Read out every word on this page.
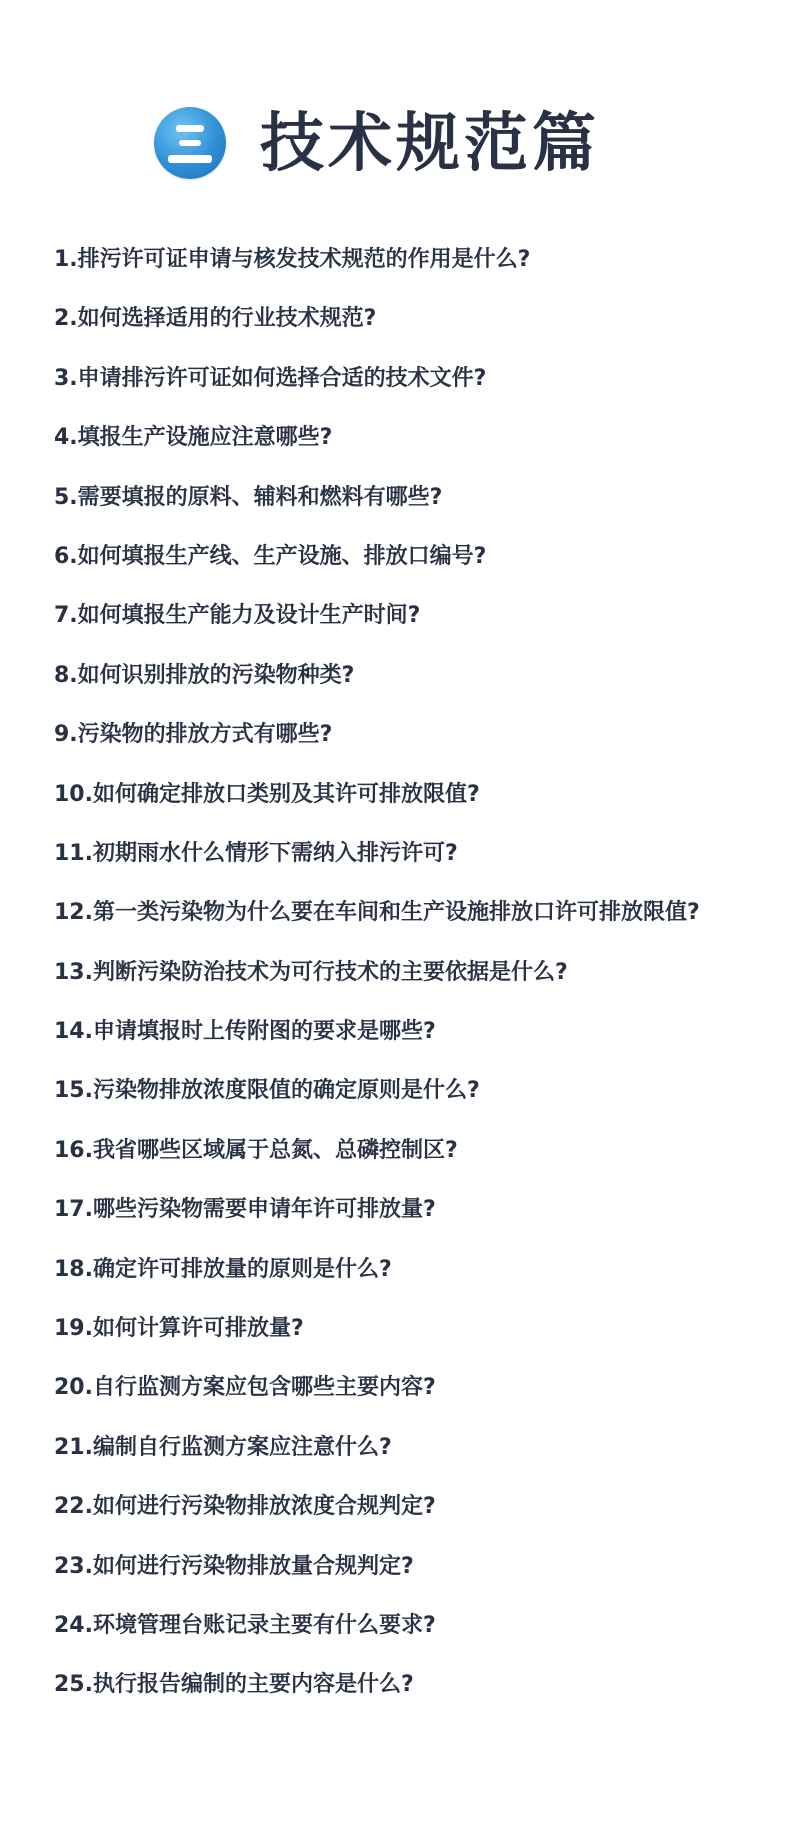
技术规范篇
1.排污许可证申请与核发技术规范的作用是什么?
2.如何选择适用的行业技术规范?
3.申请排污许可证如何选择合适的技术文件?
4.填报生产设施应注意哪些?
5.需要填报的原料、辅料和燃料有哪些?
6.如何填报生产线、生产设施、排放口编号?
7.如何填报生产能力及设计生产时间?
8.如何识别排放的污染物种类?
9.污染物的排放方式有哪些?
10.如何确定排放口类别及其许可排放限值?
11.初期雨水什么情形下需纳入排污许可?
12.第一类污染物为什么要在车间和生产设施排放口许可排放限值?
13.判断污染防治技术为可行技术的主要依据是什么?
14.申请填报时上传附图的要求是哪些?
15.污染物排放浓度限值的确定原则是什么?
16.我省哪些区域属于总氮、总磷控制区?
17.哪些污染物需要申请年许可排放量?
18.确定许可排放量的原则是什么?
19.如何计算许可排放量?
20.自行监测方案应包含哪些主要内容?
21.编制自行监测方案应注意什么?
22.如何进行污染物排放浓度合规判定?
23.如何进行污染物排放量合规判定?
24.环境管理台账记录主要有什么要求?
25.执行报告编制的主要内容是什么?
